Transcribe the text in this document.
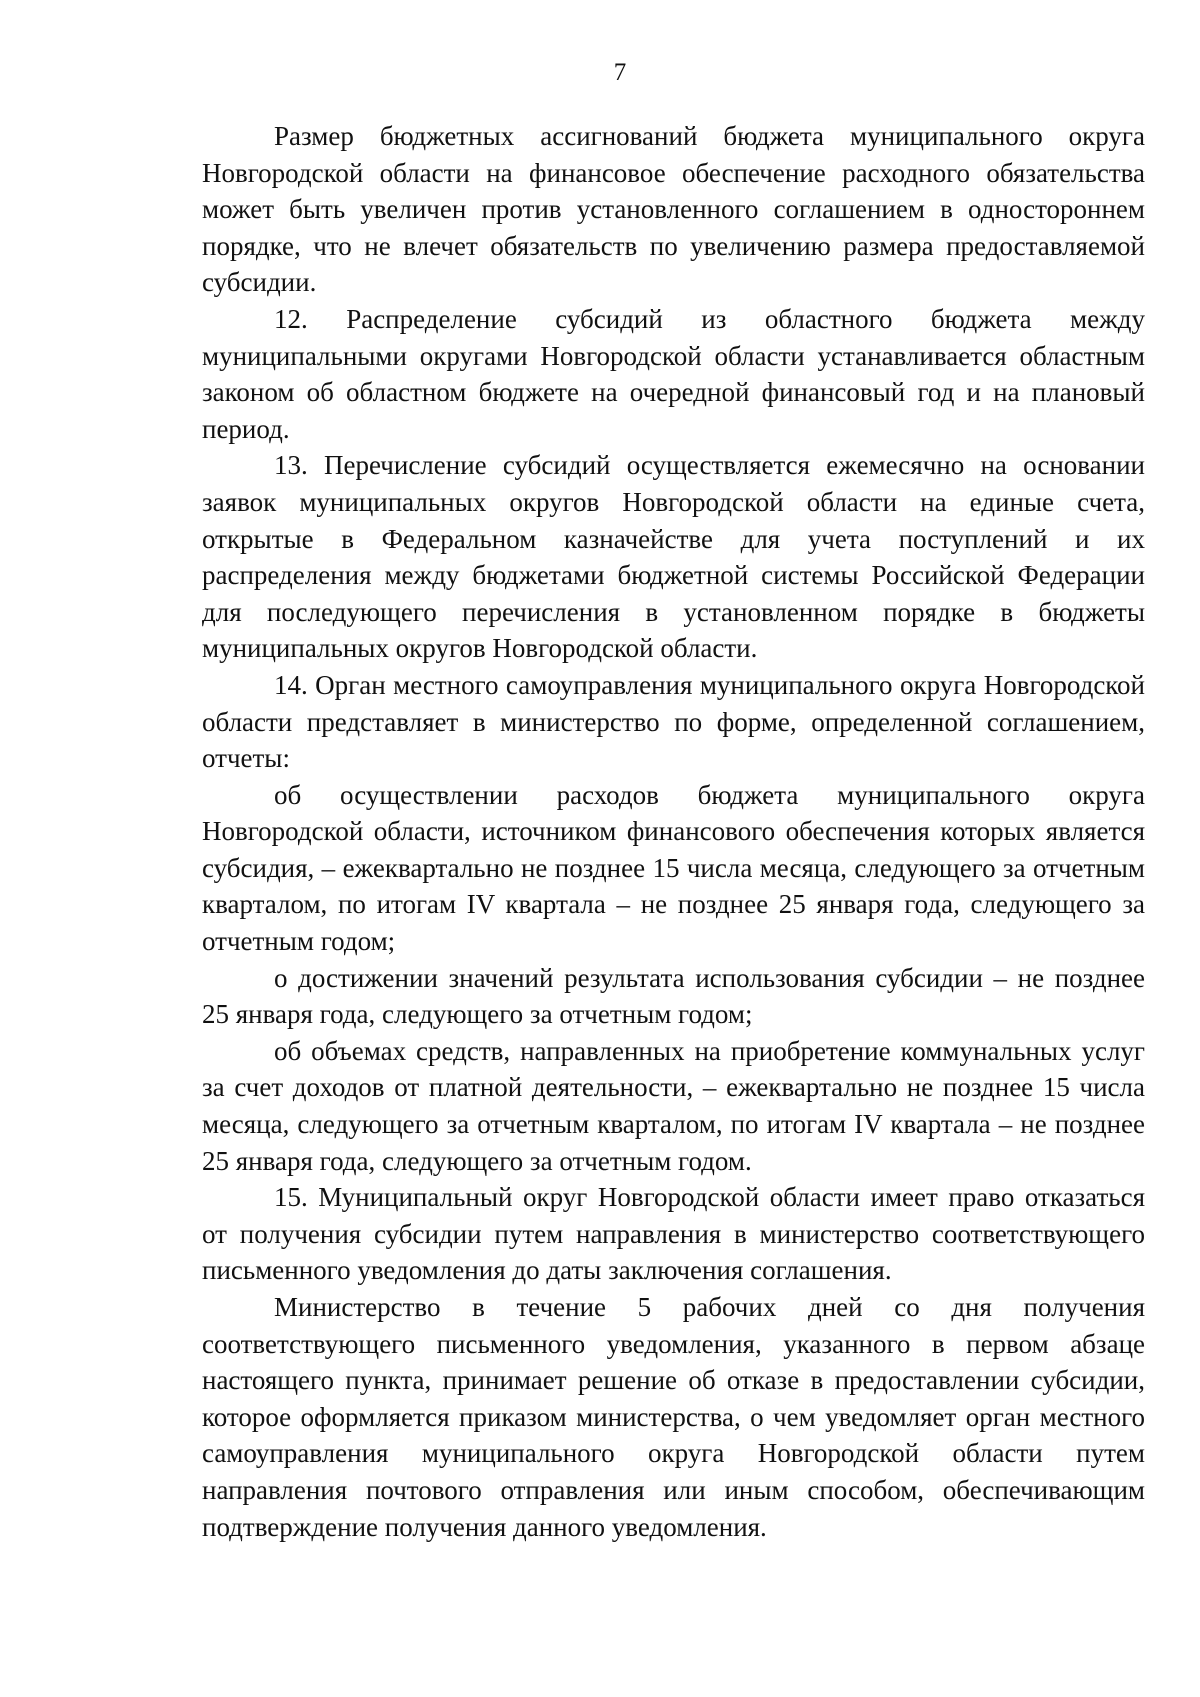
7

Размер бюджетных ассигнований бюджета муниципального округа Новгородской области на финансовое обеспечение расходного обязательства может быть увеличен против установленного соглашением в одностороннем порядке, что не влечет обязательств по увеличению размера предоставляемой субсидии.

12. Распределение субсидий из областного бюджета между муниципальными округами Новгородской области устанавливается областным законом об областном бюджете на очередной финансовый год и на плановый период.

13. Перечисление субсидий осуществляется ежемесячно на основании заявок муниципальных округов Новгородской области на единые счета, открытые в Федеральном казначействе для учета поступлений и их распределения между бюджетами бюджетной системы Российской Федерации для последующего перечисления в установленном порядке в бюджеты муниципальных округов Новгородской области.

14. Орган местного самоуправления муниципального округа Новгородской области представляет в министерство по форме, определенной соглашением, отчеты:

об осуществлении расходов бюджета муниципального округа Новгородской области, источником финансового обеспечения которых является субсидия, – ежеквартально не позднее 15 числа месяца, следующего за отчетным кварталом, по итогам IV квартала – не позднее 25 января года, следующего за отчетным годом;

о достижении значений результата использования субсидии – не позднее 25 января года, следующего за отчетным годом;

об объемах средств, направленных на приобретение коммунальных услуг за счет доходов от платной деятельности, – ежеквартально не позднее 15 числа месяца, следующего за отчетным кварталом, по итогам IV квартала – не позднее 25 января года, следующего за отчетным годом.

15. Муниципальный округ Новгородской области имеет право отказаться от получения субсидии путем направления в министерство соответствующего письменного уведомления до даты заключения соглашения.

Министерство в течение 5 рабочих дней со дня получения соответствующего письменного уведомления, указанного в первом абзаце настоящего пункта, принимает решение об отказе в предоставлении субсидии, которое оформляется приказом министерства, о чем уведомляет орган местного самоуправления муниципального округа Новгородской области путем направления почтового отправления или иным способом, обеспечивающим подтверждение получения данного уведомления.
